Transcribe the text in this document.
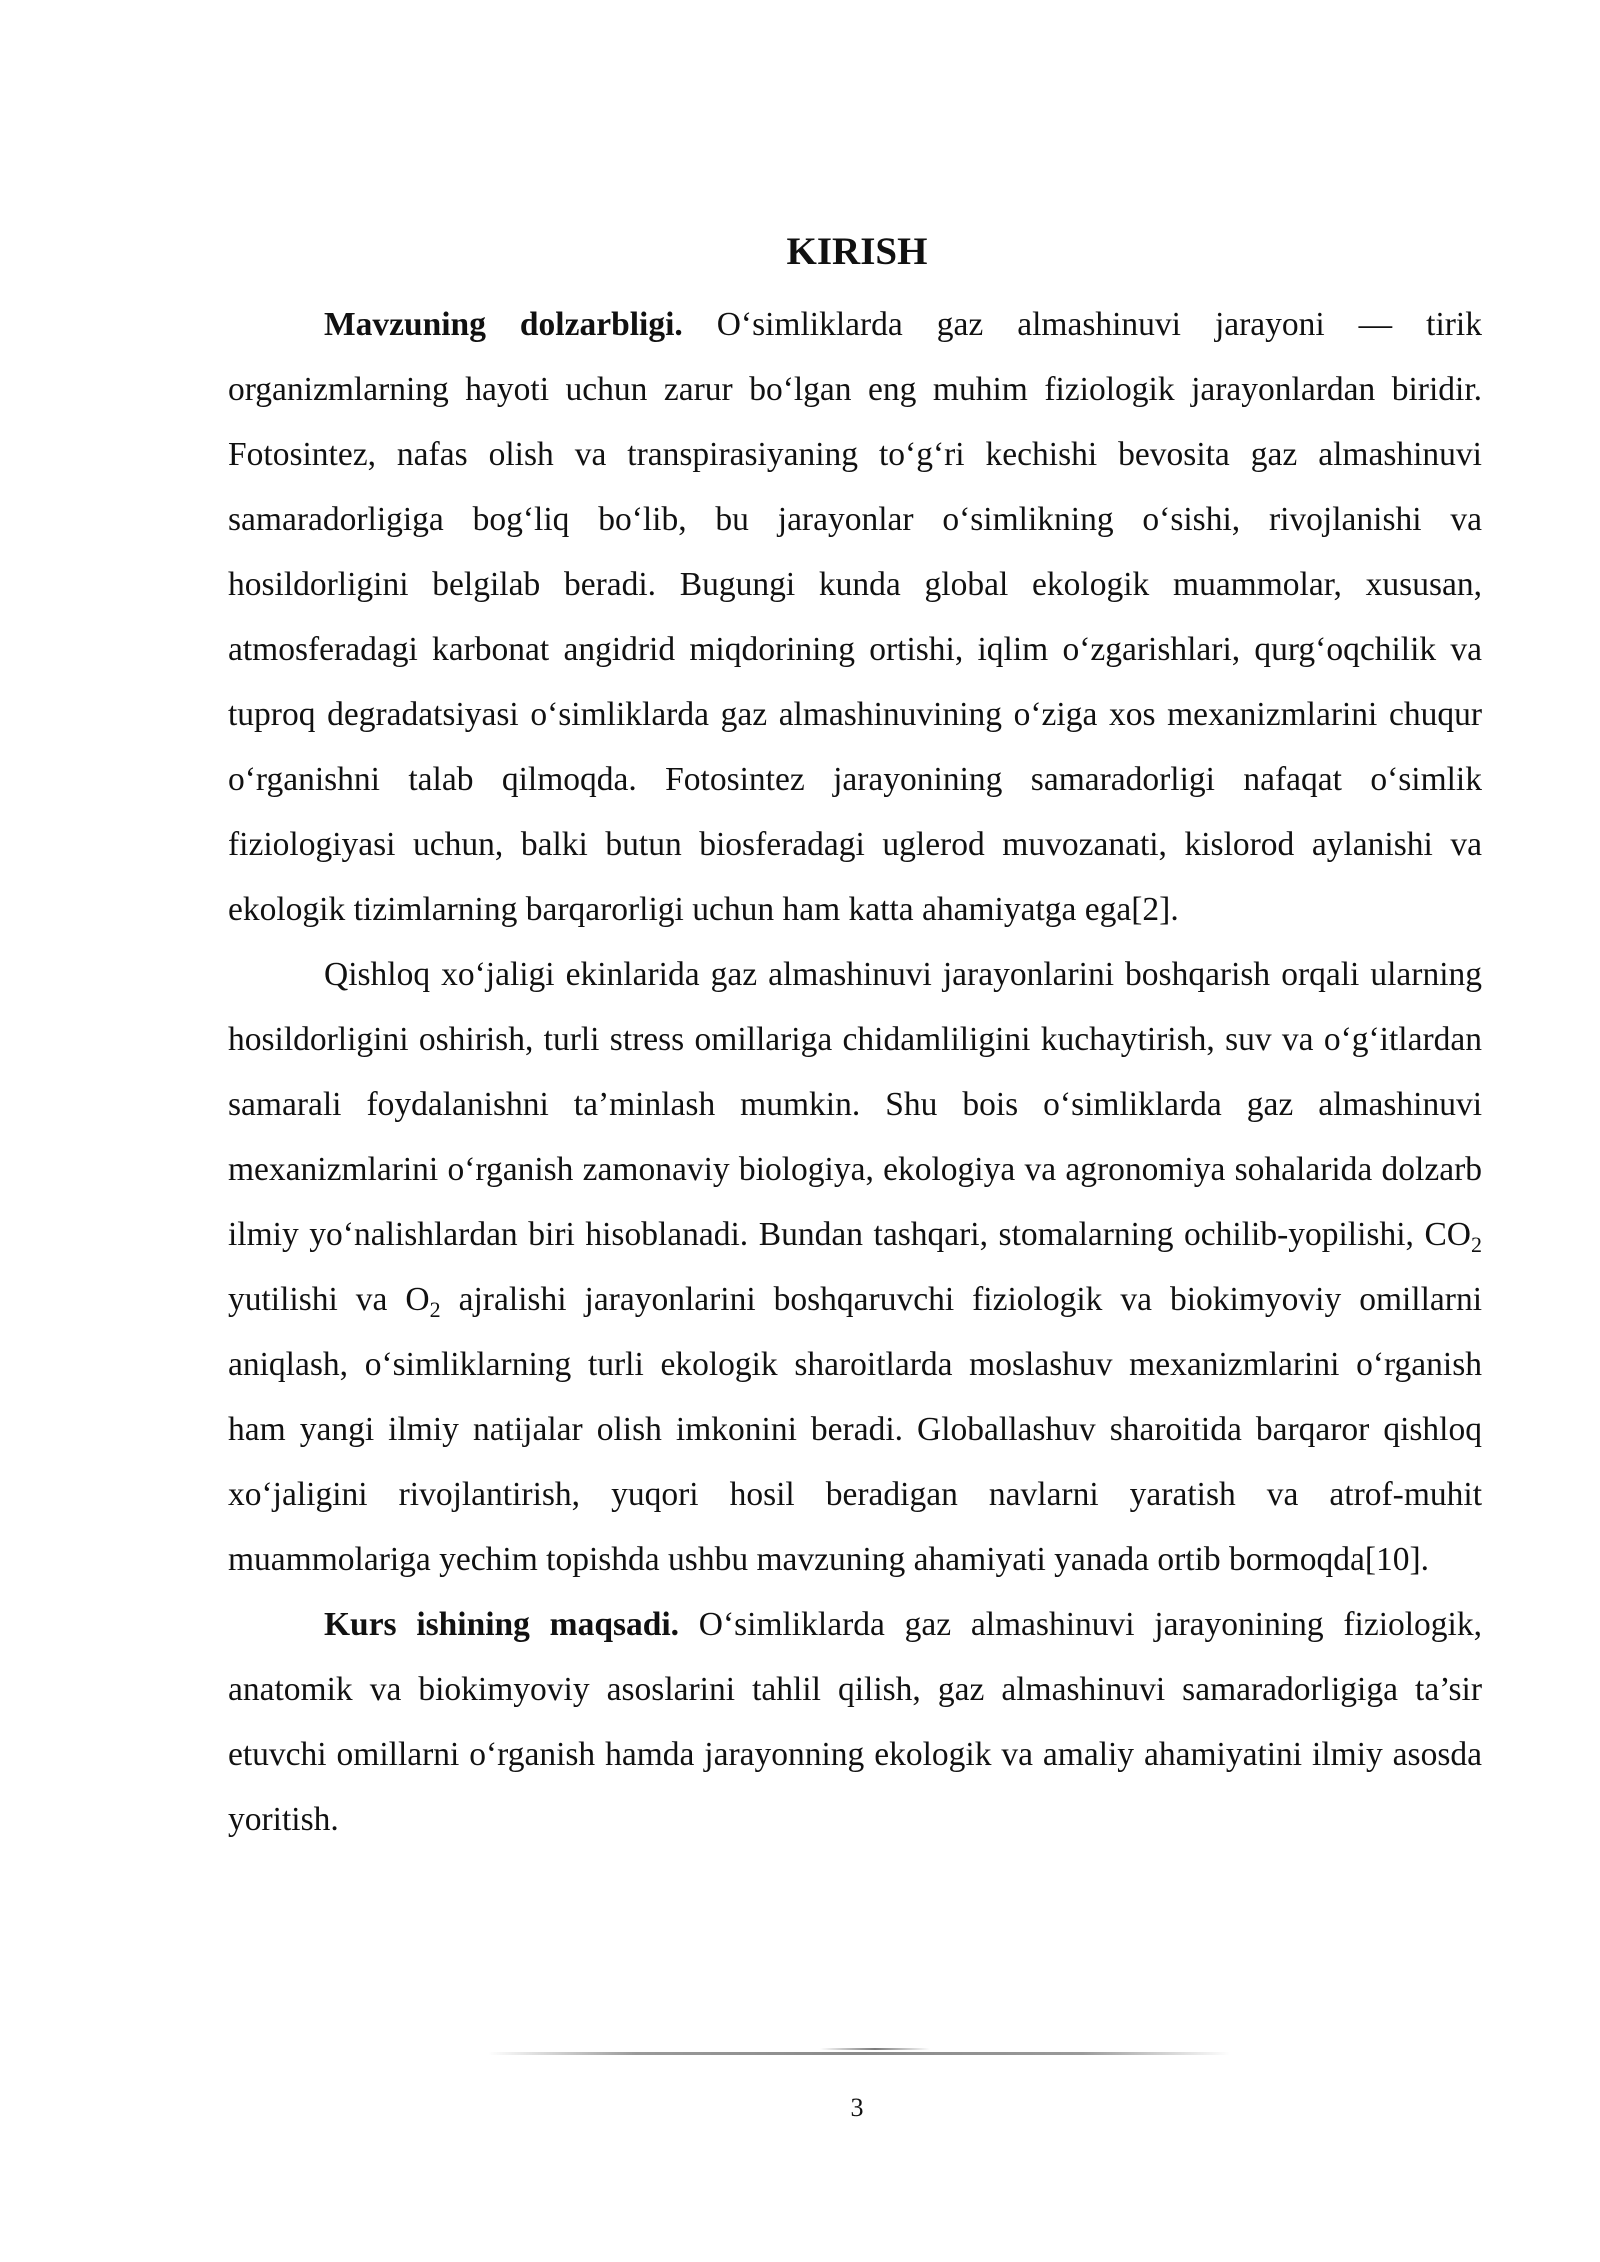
KIRISH

Mavzuning dolzarbligi. O‘simliklarda gaz almashinuvi jarayoni — tirik organizmlarning hayoti uchun zarur bo‘lgan eng muhim fiziologik jarayonlardan biridir. Fotosintez, nafas olish va transpirasiyaning to‘g‘ri kechishi bevosita gaz almashinuvi samaradorligiga bog‘liq bo‘lib, bu jarayonlar o‘simlikning o‘sishi, rivojlanishi va hosildorligini belgilab beradi. Bugungi kunda global ekologik muammolar, xususan, atmosferadagi karbonat angidrid miqdorining ortishi, iqlim o‘zgarishlari, qurg‘oqchilik va tuproq degradatsiyasi o‘simliklarda gaz almashinuvining o‘ziga xos mexanizmlarini chuqur o‘rganishni talab qilmoqda. Fotosintez jarayonining samaradorligi nafaqat o‘simlik fiziologiyasi uchun, balki butun biosferadagi uglerod muvozanati, kislorod aylanishi va ekologik tizimlarning barqarorligi uchun ham katta ahamiyatga ega[2].

Qishloq xo‘jaligi ekinlarida gaz almashinuvi jarayonlarini boshqarish orqali ularning hosildorligini oshirish, turli stress omillariga chidamliligini kuchaytirish, suv va o‘g‘itlardan samarali foydalanishni ta’minlash mumkin. Shu bois o‘simliklarda gaz almashinuvi mexanizmlarini o‘rganish zamonaviy biologiya, ekologiya va agronomiya sohalarida dolzarb ilmiy yo‘nalishlardan biri hisoblanadi. Bundan tashqari, stomalarning ochilib-yopilishi, $CO_2$ yutilishi va $O_2$ ajralishi jarayonlarini boshqaruvchi fiziologik va biokimyoviy omillarni aniqlash, o‘simliklarning turli ekologik sharoitlarda moslashuv mexanizmlarini o‘rganish ham yangi ilmiy natijalar olish imkonini beradi. Globallashuv sharoitida barqaror qishloq xo‘jaligini rivojlantirish, yuqori hosil beradigan navlarni yaratish va atrof-muhit muammolariga yechim topishda ushbu mavzuning ahamiyati yanada ortib bormoqda[10].

Kurs ishining maqsadi. O‘simliklarda gaz almashinuvi jarayonining fiziologik, anatomik va biokimyoviy asoslarini tahlil qilish, gaz almashinuvi samaradorligiga ta’sir etuvchi omillarni o‘rganish hamda jarayonning ekologik va amaliy ahamiyatini ilmiy asosda yoritish.

3
